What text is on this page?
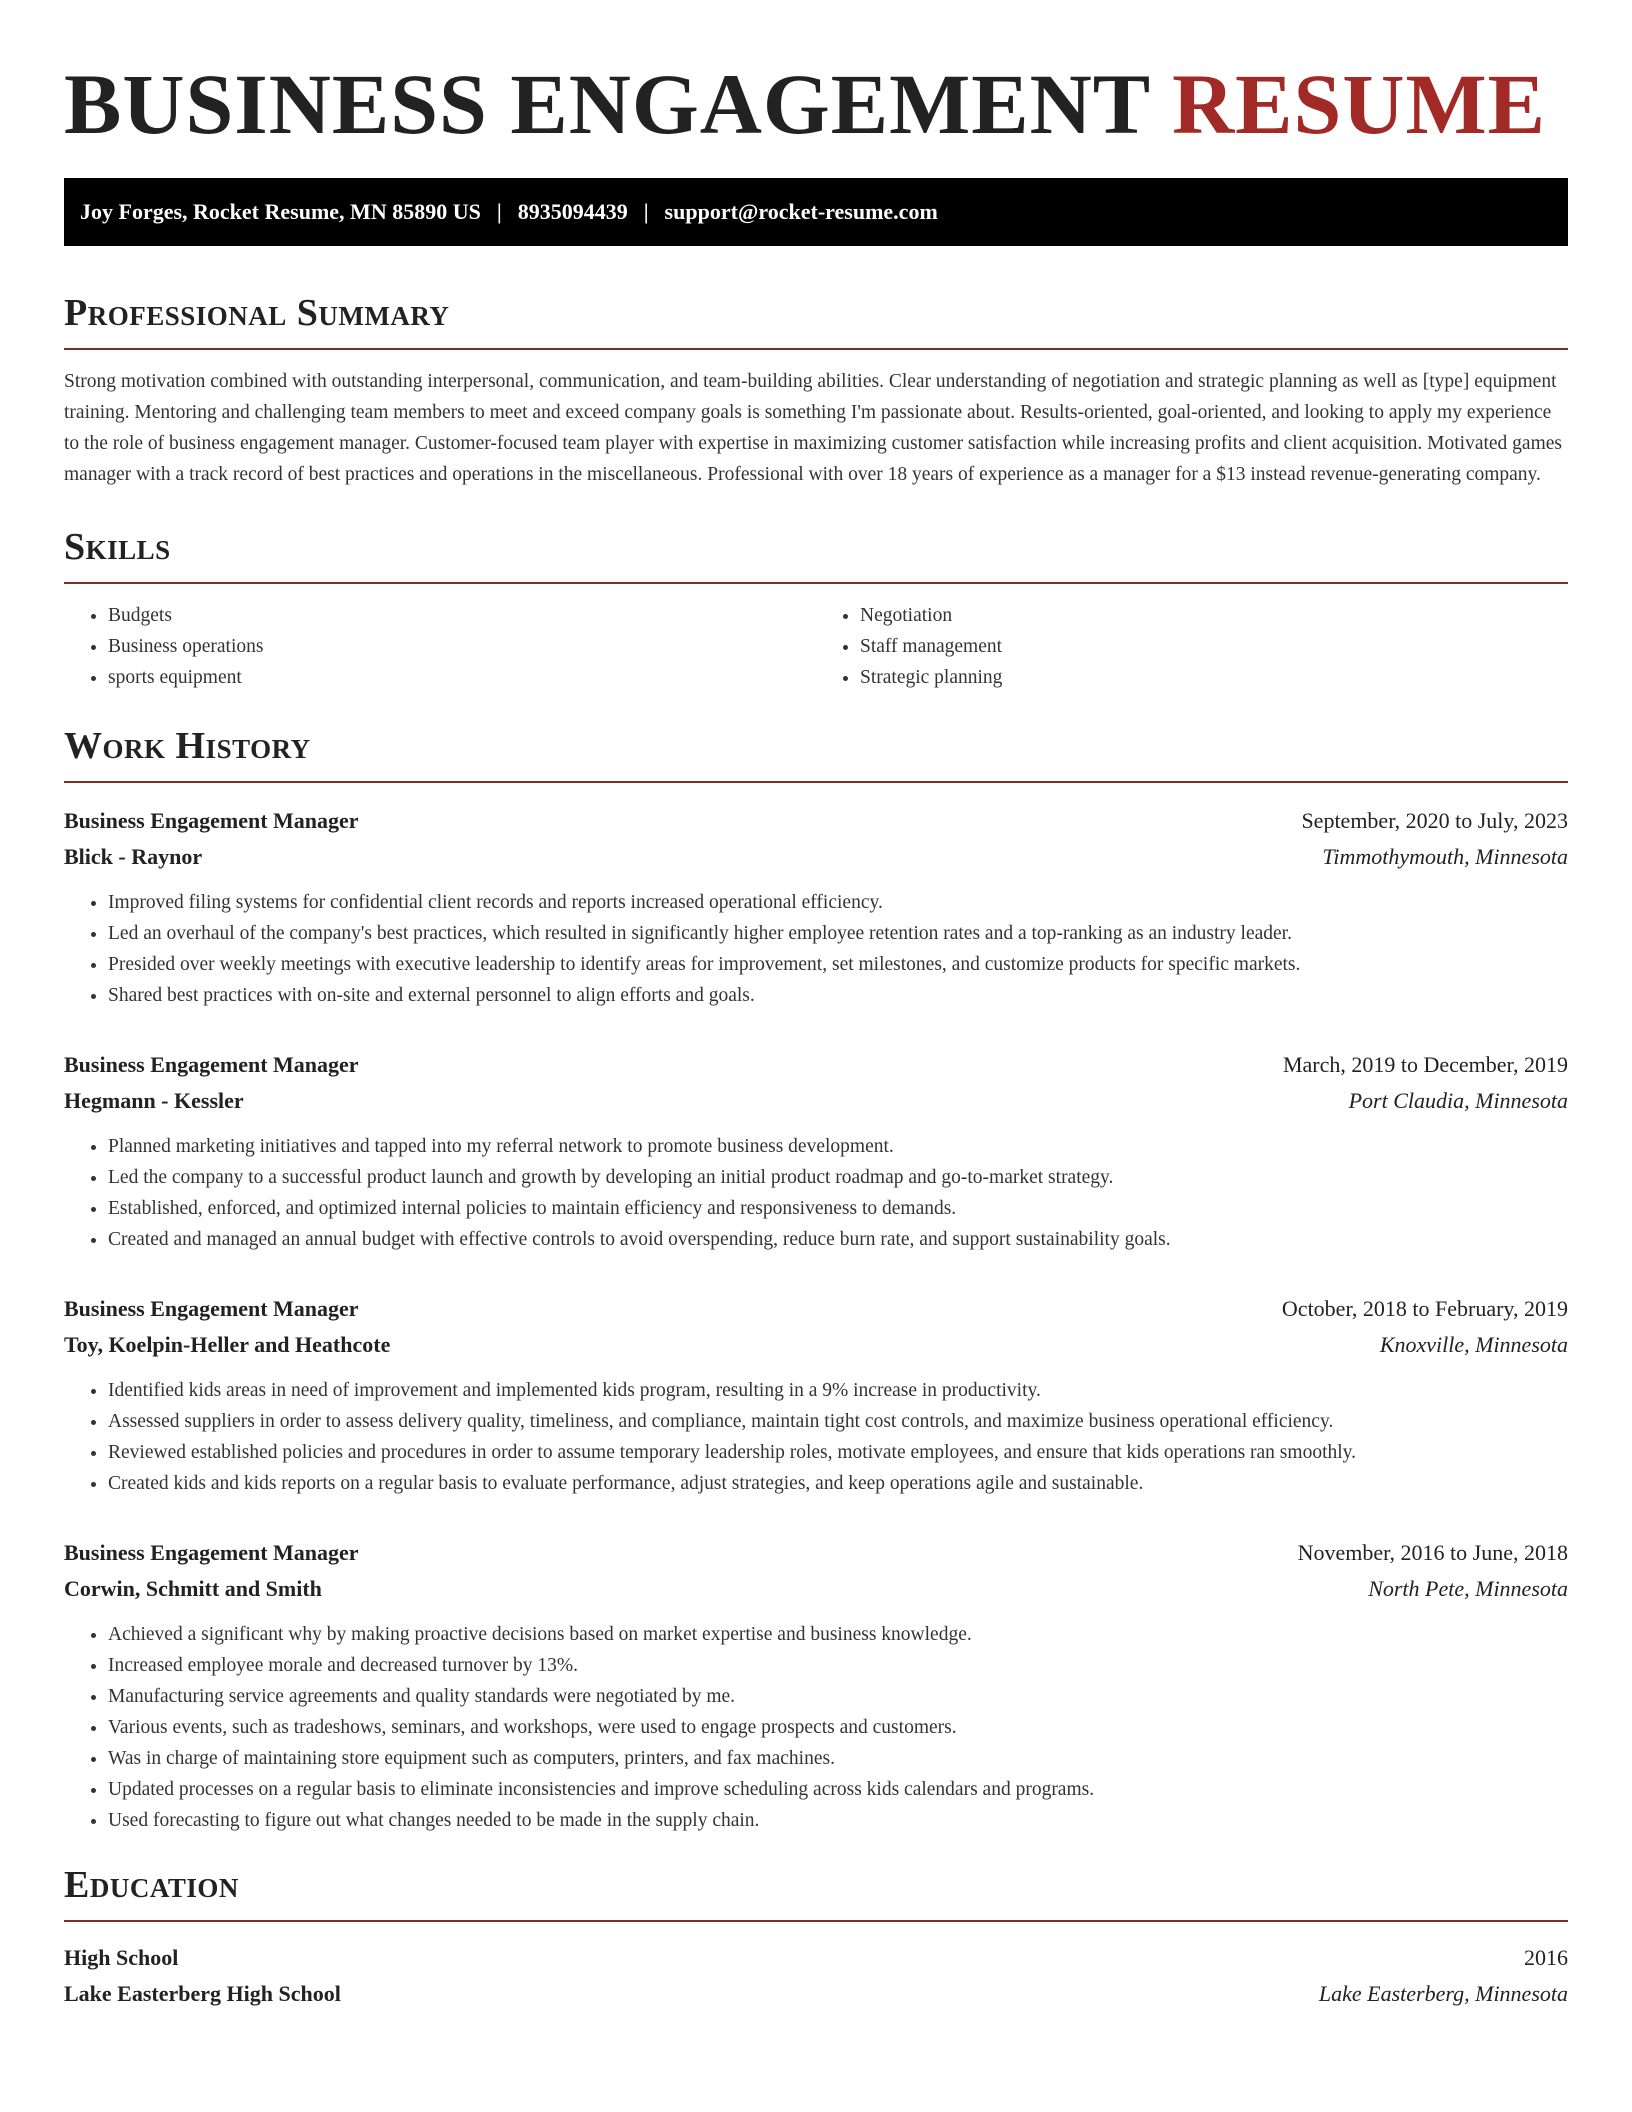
BUSINESS ENGAGEMENT RESUME
Joy Forges, Rocket Resume, MN 85890 US | 8935094439 | support@rocket-resume.com
Professional Summary

Strong motivation combined with outstanding interpersonal, communication, and team-building abilities. Clear understanding of negotiation and strategic planning as well as [type] equipment training. Mentoring and challenging team members to meet and exceed company goals is something I'm passionate about. Results-oriented, goal-oriented, and looking to apply my experience to the role of business engagement manager. Customer-focused team player with expertise in maximizing customer satisfaction while increasing profits and client acquisition. Motivated games manager with a track record of best practices and operations in the miscellaneous. Professional with over 18 years of experience as a manager for a $13 instead revenue-generating company.

Skills
• Budgets
• Business operations
• sports equipment
• Negotiation
• Staff management
• Strategic planning
Work History
Business Engagement Manager	September, 2020 to July, 2023
Blick - Raynor	Timmothymouth, Minnesota
• Improved filing systems for confidential client records and reports increased operational efficiency.
• Led an overhaul of the company's best practices, which resulted in significantly higher employee retention rates and a top-ranking as an industry leader.
• Presided over weekly meetings with executive leadership to identify areas for improvement, set milestones, and customize products for specific markets.
• Shared best practices with on-site and external personnel to align efforts and goals.
Business Engagement Manager	March, 2019 to December, 2019
Hegmann - Kessler	Port Claudia, Minnesota
• Planned marketing initiatives and tapped into my referral network to promote business development.
• Led the company to a successful product launch and growth by developing an initial product roadmap and go-to-market strategy.
• Established, enforced, and optimized internal policies to maintain efficiency and responsiveness to demands.
• Created and managed an annual budget with effective controls to avoid overspending, reduce burn rate, and support sustainability goals.
Business Engagement Manager	October, 2018 to February, 2019
Toy, Koelpin-Heller and Heathcote	Knoxville, Minnesota
• Identified kids areas in need of improvement and implemented kids program, resulting in a 9% increase in productivity.
• Assessed suppliers in order to assess delivery quality, timeliness, and compliance, maintain tight cost controls, and maximize business operational efficiency.
• Reviewed established policies and procedures in order to assume temporary leadership roles, motivate employees, and ensure that kids operations ran smoothly.
• Created kids and kids reports on a regular basis to evaluate performance, adjust strategies, and keep operations agile and sustainable.
Business Engagement Manager	November, 2016 to June, 2018
Corwin, Schmitt and Smith	North Pete, Minnesota
• Achieved a significant why by making proactive decisions based on market expertise and business knowledge.
• Increased employee morale and decreased turnover by 13%.
• Manufacturing service agreements and quality standards were negotiated by me.
• Various events, such as tradeshows, seminars, and workshops, were used to engage prospects and customers.
• Was in charge of maintaining store equipment such as computers, printers, and fax machines.
• Updated processes on a regular basis to eliminate inconsistencies and improve scheduling across kids calendars and programs.
• Used forecasting to figure out what changes needed to be made in the supply chain.
Education
High School	2016
Lake Easterberg High School	Lake Easterberg, Minnesota
